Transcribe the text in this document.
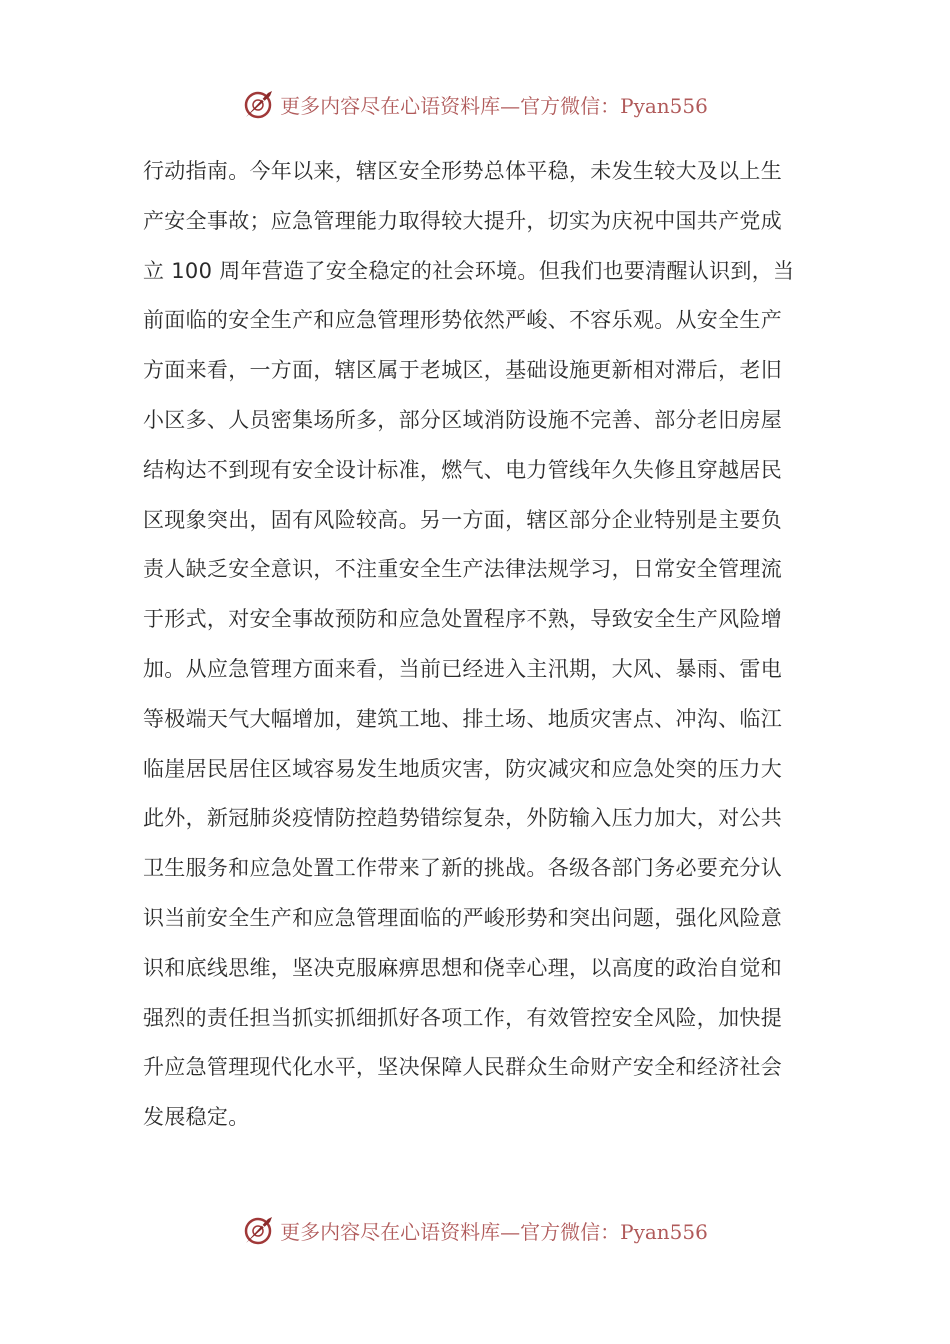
更多内容尽在心语资料库—官方微信：Pyan556
行动指南。今年以来，辖区安全形势总体平稳，未发生较大及以上生
产安全事故；应急管理能力取得较大提升，切实为庆祝中国共产党成
立 100 周年营造了安全稳定的社会环境。但我们也要清醒认识到，当
前面临的安全生产和应急管理形势依然严峻、不容乐观。从安全生产
方面来看，一方面，辖区属于老城区，基础设施更新相对滞后，老旧
小区多、人员密集场所多，部分区域消防设施不完善、部分老旧房屋
结构达不到现有安全设计标准，燃气、电力管线年久失修且穿越居民
区现象突出，固有风险较高。另一方面，辖区部分企业特别是主要负
责人缺乏安全意识，不注重安全生产法律法规学习，日常安全管理流
于形式，对安全事故预防和应急处置程序不熟，导致安全生产风险增
加。从应急管理方面来看，当前已经进入主汛期，大风、暴雨、雷电
等极端天气大幅增加，建筑工地、排土场、地质灾害点、冲沟、临江
临崖居民居住区域容易发生地质灾害，防灾减灾和应急处突的压力大
此外，新冠肺炎疫情防控趋势错综复杂，外防输入压力加大，对公共
卫生服务和应急处置工作带来了新的挑战。各级各部门务必要充分认
识当前安全生产和应急管理面临的严峻形势和突出问题，强化风险意
识和底线思维，坚决克服麻痹思想和侥幸心理，以高度的政治自觉和
强烈的责任担当抓实抓细抓好各项工作，有效管控安全风险，加快提
升应急管理现代化水平，坚决保障人民群众生命财产安全和经济社会
发展稳定。
更多内容尽在心语资料库—官方微信：Pyan556
